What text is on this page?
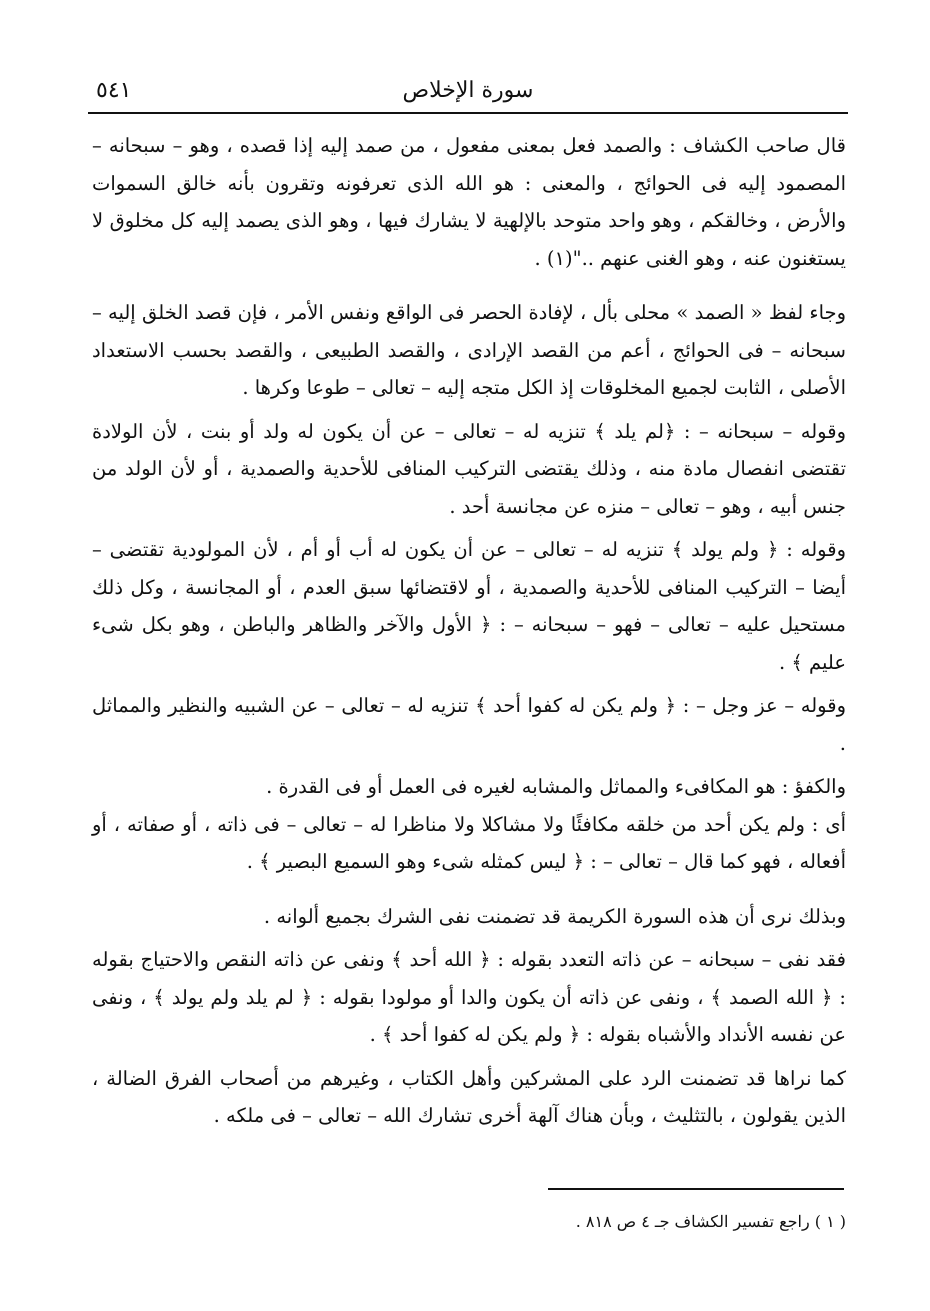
سورة الإخلاص
٥٤١

قال صاحب الكشاف : والصمد فعل بمعنى مفعول ، من صمد إليه إذا قصده ، وهو – سبحانه – المصمود إليه فى الحوائج ، والمعنى : هو الله الذى تعرفونه وتقرون بأنه خالق السموات والأرض ، وخالقكم ، وهو واحد متوحد بالإلهية لا يشارك فيها ، وهو الذى يصمد إليه كل مخلوق لا يستغنون عنه ، وهو الغنى عنهم .."(١) .

وجاء لفظ « الصمد » محلى بأل ، لإفادة الحصر فى الواقع ونفس الأمر ، فإن قصد الخلق إليه – سبحانه – فى الحوائج ، أعم من القصد الإرادى ، والقصد الطبيعى ، والقصد بحسب الاستعداد الأصلى ، الثابت لجميع المخلوقات إذ الكل متجه إليه – تعالى – طوعا وكرها .

وقوله – سبحانه – : ﴿لم يلد ﴾ تنزيه له – تعالى – عن أن يكون له ولد أو بنت ، لأن الولادة تقتضى انفصال مادة منه ، وذلك يقتضى التركيب المنافى للأحدية والصمدية ، أو لأن الولد من جنس أبيه ، وهو – تعالى – منزه عن مجانسة أحد .

وقوله : ﴿ ولم يولد ﴾ تنزيه له – تعالى – عن أن يكون له أب أو أم ، لأن المولودية تقتضى – أيضا – التركيب المنافى للأحدية والصمدية ، أو لاقتضائها سبق العدم ، أو المجانسة ، وكل ذلك مستحيل عليه – تعالى – فهو – سبحانه – : ﴿ الأول والآخر والظاهر والباطن ، وهو بكل شىء عليم ﴾ .

وقوله – عز وجل – : ﴿ ولم يكن له كفوا أحد ﴾ تنزيه له – تعالى – عن الشبيه والنظير والمماثل .

والكفؤ : هو المكافىء والمماثل والمشابه لغيره فى العمل أو فى القدرة .

أى : ولم يكن أحد من خلقه مكافئًا ولا مشاكلا ولا مناظرا له – تعالى – فى ذاته ، أو صفاته ، أو أفعاله ، فهو كما قال – تعالى – : ﴿ ليس كمثله شىء وهو السميع البصير ﴾ .

وبذلك نرى أن هذه السورة الكريمة قد تضمنت نفى الشرك بجميع ألوانه .

فقد نفى – سبحانه – عن ذاته التعدد بقوله : ﴿ الله أحد ﴾ ونفى عن ذاته النقص والاحتياج بقوله : ﴿ الله الصمد ﴾ ، ونفى عن ذاته أن يكون والدا أو مولودا بقوله : ﴿ لم يلد ولم يولد ﴾ ، ونفى عن نفسه الأنداد والأشباه بقوله : ﴿ ولم يكن له كفوا أحد ﴾ .

كما نراها قد تضمنت الرد على المشركين وأهل الكتاب ، وغيرهم من أصحاب الفرق الضالة ، الذين يقولون ، بالتثليث ، وبأن هناك آلهة أخرى تشارك الله – تعالى – فى ملكه .

( ١ ) راجع تفسير الكشاف جـ ٤ ص ٨١٨ .
